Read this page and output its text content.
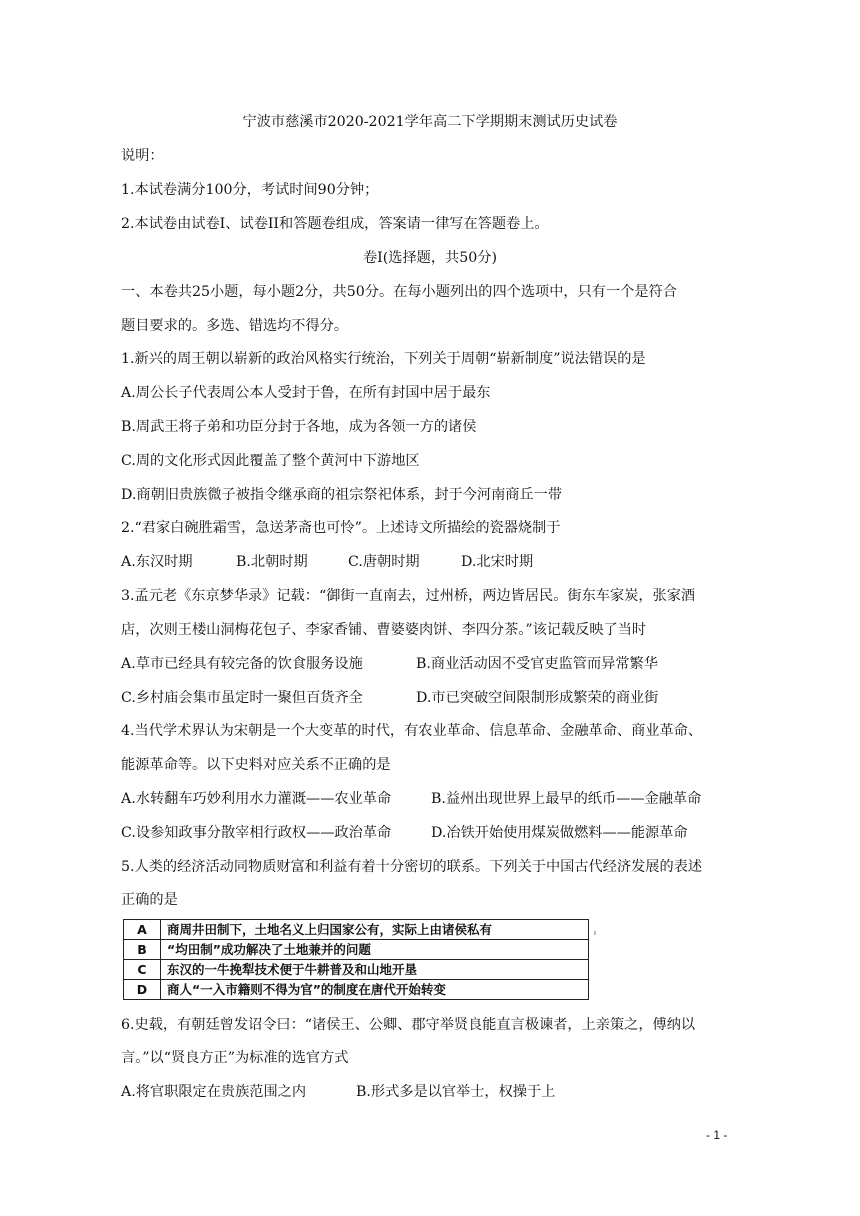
宁波市慈溪市2020-2021学年高二下学期期末测试历史试卷
说明：
1.本试卷满分100分，考试时间90分钟；
2.本试卷由试卷I、试卷II和答题卷组成，答案请一律写在答题卷上。
卷I(选择题，共50分)
一、本卷共25小题，每小题2分，共50分。在每小题列出的四个选项中，只有一个是符合
题目要求的。多选、错选均不得分。
1.新兴的周王朝以崭新的政治风格实行统治，下列关于周朝“崭新制度”说法错误的是
A.周公长子代表周公本人受封于鲁，在所有封国中居于最东
B.周武王将子弟和功臣分封于各地，成为各领一方的诸侯
C.周的文化形式因此覆盖了整个黄河中下游地区
D.商朝旧贵族微子被指令继承商的祖宗祭祀体系，封于今河南商丘一带
2.“君家白碗胜霜雪，急送茅斋也可怜”。上述诗文所描绘的瓷器烧制于
A.东汉时期	B.北朝时期	C.唐朝时期	D.北宋时期
3.孟元老《东京梦华录》记载：“御街一直南去，过州桥，两边皆居民。街东车家炭，张家酒
店，次则王楼山洞梅花包子、李家香铺、曹婆婆肉饼、李四分茶。”该记载反映了当时
A.草市已经具有较完备的饮食服务设施	B.商业活动因不受官吏监管而异常繁华
C.乡村庙会集市虽定时一聚但百货齐全	D.市已突破空间限制形成繁荣的商业街
4.当代学术界认为宋朝是一个大变革的时代，有农业革命、信息革命、金融革命、商业革命、
能源革命等。以下史料对应关系不正确的是
A.水转翻车巧妙利用水力灌溉——农业革命	B.益州出现世界上最早的纸币——金融革命
C.设参知政事分散宰相行政权——政治革命	D.冶铁开始使用煤炭做燃料——能源革命
5.人类的经济活动同物质财富和利益有着十分密切的联系。下列关于中国古代经济发展的表述
正确的是
A	商周井田制下，土地名义上归国家公有，实际上由诸侯私有
B	“均田制”成功解决了土地兼并的问题
C	东汉的一牛挽犁技术便于牛耕普及和山地开垦
D	商人“一入市籍则不得为官”的制度在唐代开始转变
6.史载，有朝廷曾发诏令曰：“诸侯王、公卿、郡守举贤良能直言极谏者，上亲策之，傅纳以
言。”以“贤良方正”为标准的选官方式
A.将官职限定在贵族范围之内	B.形式多是以官举士，权操于上
- 1 -
